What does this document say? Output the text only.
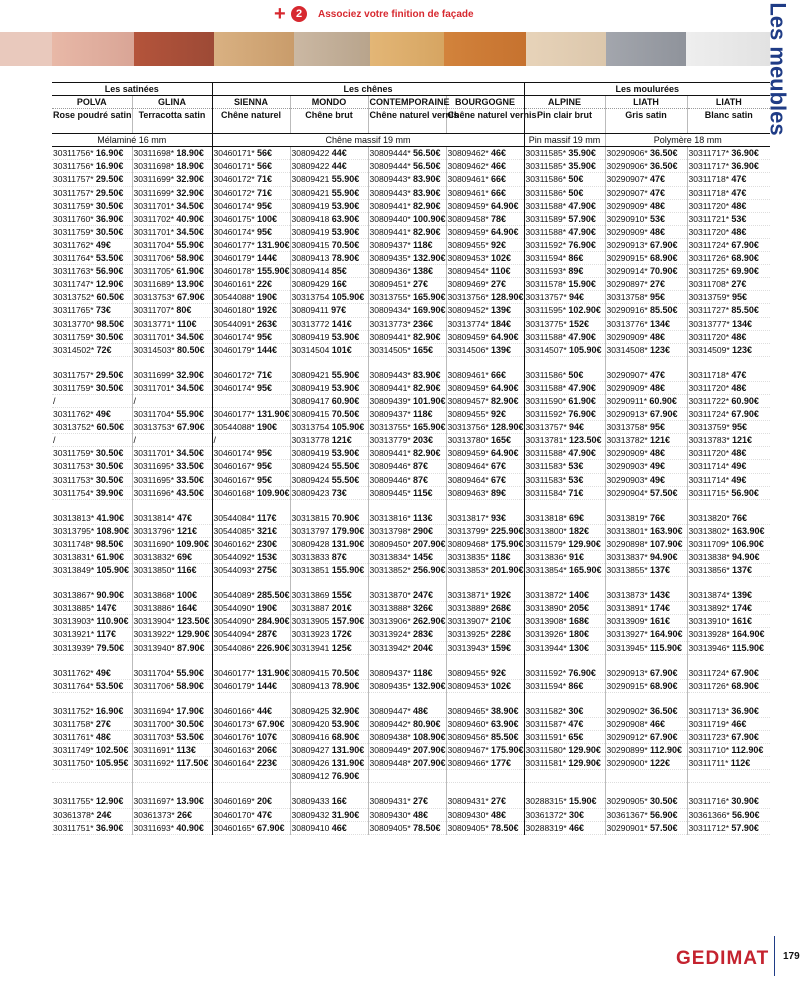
+ 2	Associez votre finition de façade	Les meubles
Les satinées		Les chênes				Les moulurées		
POLVA	GLINA	SIENNA	MONDO	CONTEMPORAINE	BOURGOGNE	ALPINE	LIATH	LIATH
Rose poudré satin	Terracotta satin	Chêne naturel	Chêne brut	Chêne naturel vernis	Chêne naturel vernis	Pin clair brut	Gris satin	Blanc satin
Mélaminé 16 mm		Chêne massif 19 mm				Pin massif 19 mm	Polymère 18 mm	
30311756* 16.90€	30311698* 18.90€	30460171* 56€	30809422 44€	30809444* 56.50€	30809462* 46€	30311585* 35.90€	30290906* 36.50€	30311717* 36.90€
30311756* 16.90€	30311698* 18.90€	30460171* 56€	30809422 44€	30809444* 56.50€	30809462* 46€	30311585* 35.90€	30290906* 36.50€	30311717* 36.90€
30311757* 29.50€	30311699* 32.90€	30460172* 71€	30809421 55.90€	30809443* 83.90€	30809461* 66€	30311586* 50€	30290907* 47€	30311718* 47€
30311757* 29.50€	30311699* 32.90€	30460172* 71€	30809421 55.90€	30809443* 83.90€	30809461* 66€	30311586* 50€	30290907* 47€	30311718* 47€
30311759* 30.50€	30311701* 34.50€	30460174* 95€	30809419 53.90€	30809441* 82.90€	30809459* 64.90€	30311588* 47.90€	30290909* 48€	30311720* 48€
30311760* 36.90€	30311702* 40.90€	30460175* 100€	30809418 63.90€	30809440* 100.90€	30809458* 78€	30311589* 57.90€	30290910* 53€	30311721* 53€
30311759* 30.50€	30311701* 34.50€	30460174* 95€	30809419 53.90€	30809441* 82.90€	30809459* 64.90€	30311588* 47.90€	30290909* 48€	30311720* 48€
30311762* 49€	30311704* 55.90€	30460177* 131.90€	30809415 70.50€	30809437* 118€	30809455* 92€	30311592* 76.90€	30290913* 67.90€	30311724* 67.90€
30311764* 53.50€	30311706* 58.90€	30460179* 144€	30809413 78.90€	30809435* 132.90€	30809453* 102€	30311594* 86€	30290915* 68.90€	30311726* 68.90€
30311763* 56.90€	30311705* 61.90€	30460178* 155.90€	30809414 85€	30809436* 138€	30809454* 110€	30311593* 89€	30290914* 70.90€	30311725* 69.90€
30311747* 12.90€	30311689* 13.90€	30460161* 22€	30809429 16€	30809451* 27€	30809469* 27€	30311578* 15.90€	30290897* 27€	30311708* 27€
30313752* 60.50€	30313753* 67.90€	30544088* 190€	30313754 105.90€	30313755* 165.90€	30313756* 128.90€	30313757* 94€	30313758* 95€	30313759* 95€
30311765* 73€	30311707* 80€	30460180* 192€	30809411 97€	30809434* 169.90€	30809452* 139€	30311595* 102.90€	30290916* 85.50€	30311727* 85.50€
30313770* 98.50€	30313771* 110€	30544091* 263€	30313772 141€	30313773* 236€	30313774* 184€	30313775* 152€	30313776* 134€	30313777* 134€
30311759* 30.50€	30311701* 34.50€	30460174* 95€	30809419 53.90€	30809441* 82.90€	30809459* 64.90€	30311588* 47.90€	30290909* 48€	30311720* 48€
30314502* 72€	30314503* 80.50€	30460179* 144€	30314504 101€	30314505* 165€	30314506* 139€	30314507* 105.90€	30314508* 123€	30314509* 123€

30311757* 29.50€	30311699* 32.90€	30460172* 71€	30809421 55.90€	30809443* 83.90€	30809461* 66€	30311586* 50€	30290907* 47€	30311718* 47€
30311759* 30.50€	30311701* 34.50€	30460174* 95€	30809419 53.90€	30809441* 82.90€	30809459* 64.90€	30311588* 47.90€	30290909* 48€	30311720* 48€
/	/		30809417 60.90€	30809439* 101.90€	30809457* 82.90€	30311590* 61.90€	30290911* 60.90€	30311722* 60.90€
30311762* 49€	30311704* 55.90€	30460177* 131.90€	30809415 70.50€	30809437* 118€	30809455* 92€	30311592* 76.90€	30290913* 67.90€	30311724* 67.90€
30313752* 60.50€	30313753* 67.90€	30544088* 190€	30313754 105.90€	30313755* 165.90€	30313756* 128.90€	30313757* 94€	30313758* 95€	30313759* 95€
/	/	/	30313778 121€	30313779* 203€	30313780* 165€	30313781* 123.50€	30313782* 121€	30313783* 121€
30311759* 30.50€	30311701* 34.50€	30460174* 95€	30809419 53.90€	30809441* 82.90€	30809459* 64.90€	30311588* 47.90€	30290909* 48€	30311720* 48€
30311753* 30.50€	30311695* 33.50€	30460167* 95€	30809424 55.50€	30809446* 87€	30809464* 67€	30311583* 53€	30290903* 49€	30311714* 49€
30311753* 30.50€	30311695* 33.50€	30460167* 95€	30809424 55.50€	30809446* 87€	30809464* 67€	30311583* 53€	30290903* 49€	30311714* 49€
30311754* 39.90€	30311696* 43.50€	30460168* 109.90€	30809423 73€	30809445* 115€	30809463* 89€	30311584* 71€	30290904* 57.50€	30311715* 56.90€

30313813* 41.90€	30313814* 47€	30544084* 117€	30313815 70.90€	30313816* 113€	30313817* 93€	30313818* 69€	30313819* 76€	30313820* 76€
30313795* 108.90€	30313796* 121€	30544085* 321€	30313797 179.90€	30313798* 290€	30313799* 225.90€	30313800* 182€	30313801* 163.90€	30313802* 163.90€
30311748* 98.50€	30311690* 109.90€	30460162* 230€	30809428 131.90€	30809450* 207.90€	30809468* 175.90€	30311579* 129.90€	30290898* 107.90€	30311709* 106.90€
30313831* 61.90€	30313832* 69€	30544092* 153€	30313833 87€	30313834* 145€	30313835* 118€	30313836* 91€	30313837* 94.90€	30313838* 94.90€
30313849* 105.90€	30313850* 116€	30544093* 275€	30313851 155.90€	30313852* 256.90€	30313853* 201.90€	30313854* 165.90€	30313855* 137€	30313856* 137€

30313867* 90.90€	30313868* 100€	30544089* 285.50€	30313869 155€	30313870* 247€	30313871* 192€	30313872* 140€	30313873* 143€	30313874* 139€
30313885* 147€	30313886* 164€	30544090* 190€	30313887 201€	30313888* 326€	30313889* 268€	30313890* 205€	30313891* 174€	30313892* 174€
30313903* 110.90€	30313904* 123.50€	30544090* 284.90€	30313905 157.90€	30313906* 262.90€	30313907* 210€	30313908* 168€	30313909* 161€	30313910* 161€
30313921* 117€	30313922* 129.90€	30544094* 287€	30313923 172€	30313924* 283€	30313925* 228€	30313926* 180€	30313927* 164.90€	30313928* 164.90€
30313939* 79.50€	30313940* 87.90€	30544086* 226.90€	30313941 125€	30313942* 204€	30313943* 159€	30313944* 130€	30313945* 115.90€	30313946* 115.90€

30311762* 49€	30311704* 55.90€	30460177* 131.90€	30809415 70.50€	30809437* 118€	30809455* 92€	30311592* 76.90€	30290913* 67.90€	30311724* 67.90€
30311764* 53.50€	30311706* 58.90€	30460179* 144€	30809413 78.90€	30809435* 132.90€	30809453* 102€	30311594* 86€	30290915* 68.90€	30311726* 68.90€

30311752* 16.90€	30311694* 17.90€	30460166* 44€	30809425 32.90€	30809447* 48€	30809465* 38.90€	30311582* 30€	30290902* 36.50€	30311713* 36.90€
30311758* 27€	30311700* 30.50€	30460173* 67.90€	30809420 53.90€	30809442* 80.90€	30809460* 63.90€	30311587* 47€	30290908* 46€	30311719* 46€
30311761* 48€	30311703* 53.50€	30460176* 107€	30809416 68.90€	30809438* 108.90€	30809456* 85.50€	30311591* 65€	30290912* 67.90€	30311723* 67.90€
30311749* 102.50€	30311691* 113€	30460163* 206€	30809427 131.90€	30809449* 207.90€	30809467* 175.90€	30311580* 129.90€	30290899* 112.90€	30311710* 112.90€
30311750* 105.95€	30311692* 117.50€	30460164* 223€	30809426 131.90€	30809448* 207.90€	30809466* 177€	30311581* 129.90€	30290900* 122€	30311711* 112€
			30809412 76.90€					

30311755* 12.90€	30311697* 13.90€	30460169* 20€	30809433 16€	30809431* 27€	30809431* 27€	30288315* 15.90€	30290905* 30.50€	30311716* 30.90€
30361378* 24€	30361373* 26€	30460170* 47€	30809432 31.90€	30809430* 48€	30809430* 48€	30361372* 30€	30361367* 56.90€	30361366* 56.90€
30311751* 36.90€	30311693* 40.90€	30460165* 67.90€	30809410 46€	30809405* 78.50€	30809405* 78.50€	30288319* 46€	30290901* 57.50€	30311712* 57.90€
GEDIMAT 179
